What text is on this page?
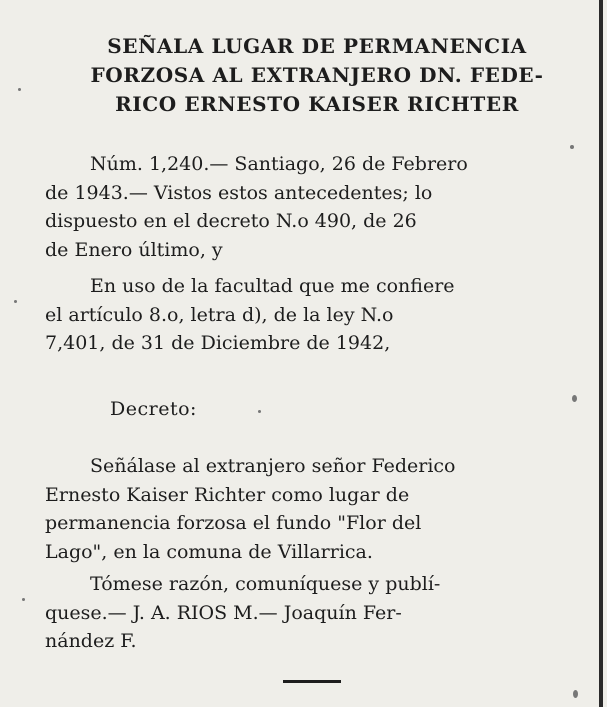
SEÑALA LUGAR DE PERMANENCIA
FORZOSA AL EXTRANJERO DN. FEDE-
RICO ERNESTO KAISER RICHTER
Núm. 1,240.— Santiago, 26 de Febrero
de 1943.— Vistos estos antecedentes; lo
dispuesto en el decreto N.o 490, de 26
de Enero último, y
En uso de la facultad que me confiere
el artículo 8.o, letra d), de la ley N.o
7,401, de 31 de Diciembre de 1942,
Decreto:
Señálase al extranjero señor Federico
Ernesto Kaiser Richter como lugar de
permanencia forzosa el fundo "Flor del
Lago", en la comuna de Villarrica.
Tómese razón, comuníquese y publí-
quese.— J. A. RIOS M.— Joaquín Fer-
nández F.
